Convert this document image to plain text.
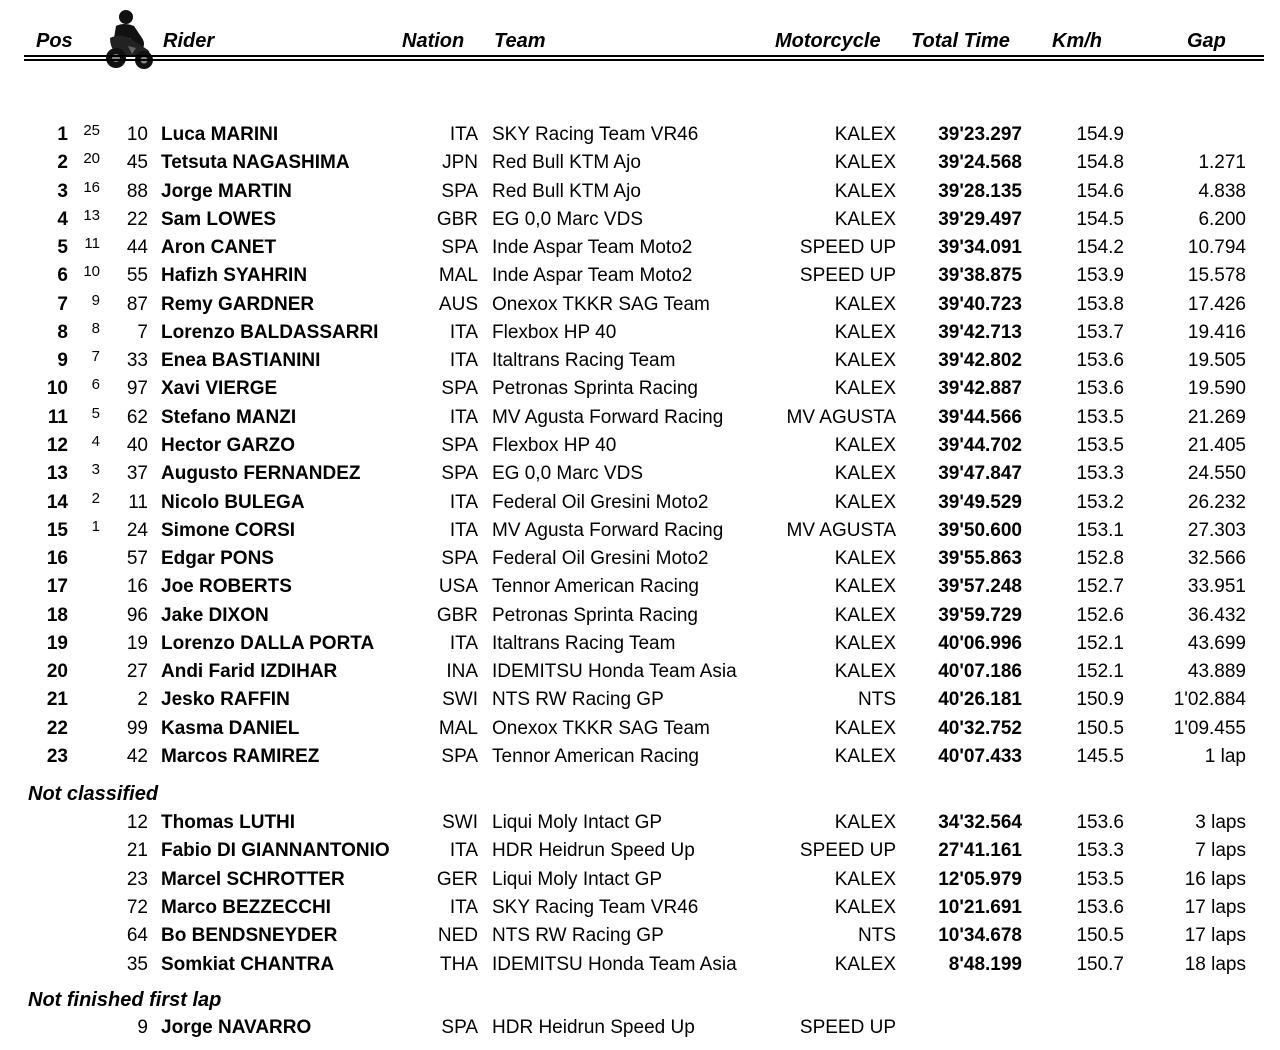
Pos	Rider	Nation Team	Motorcycle Total Time Km/h	Gap
1	25	10 Luca MARINI	ITA SKY Racing Team VR46	KALEX	39'23.297	154.9
2	20	45 Tetsuta NAGASHIMA	JPN Red Bull KTM Ajo	KALEX	39'24.568	154.8	1.271
3	16	88 Jorge MARTIN	SPA Red Bull KTM Ajo	KALEX	39'28.135	154.6	4.838
4	13	22 Sam LOWES	GBR EG 0,0 Marc VDS	KALEX	39'29.497	154.5	6.200
5	11	44 Aron CANET	SPA Inde Aspar Team Moto2	SPEED UP	39'34.091	154.2	10.794
6	10	55 Hafizh SYAHRIN	MAL Inde Aspar Team Moto2	SPEED UP	39'38.875	153.9	15.578
7	9	87 Remy GARDNER	AUS Onexox TKKR SAG Team	KALEX	39'40.723	153.8	17.426
8	8	7 Lorenzo BALDASSARRI	ITA Flexbox HP 40	KALEX	39'42.713	153.7	19.416
9	7	33 Enea BASTIANINI	ITA Italtrans Racing Team	KALEX	39'42.802	153.6	19.505
10	6	97 Xavi VIERGE	SPA Petronas Sprinta Racing	KALEX	39'42.887	153.6	19.590
11	5	62 Stefano MANZI	ITA MV Agusta Forward Racing	MV AGUSTA	39'44.566	153.5	21.269
12	4	40 Hector GARZO	SPA Flexbox HP 40	KALEX	39'44.702	153.5	21.405
13	3	37 Augusto FERNANDEZ	SPA EG 0,0 Marc VDS	KALEX	39'47.847	153.3	24.550
14	2	11 Nicolo BULEGA	ITA Federal Oil Gresini Moto2	KALEX	39'49.529	153.2	26.232
15	1	24 Simone CORSI	ITA MV Agusta Forward Racing	MV AGUSTA	39'50.600	153.1	27.303
16	57 Edgar PONS	SPA Federal Oil Gresini Moto2	KALEX	39'55.863	152.8	32.566
17	16 Joe ROBERTS	USA Tennor American Racing	KALEX	39'57.248	152.7	33.951
18	96 Jake DIXON	GBR Petronas Sprinta Racing	KALEX	39'59.729	152.6	36.432
19	19 Lorenzo DALLA PORTA	ITA Italtrans Racing Team	KALEX	40'06.996	152.1	43.699
20	27 Andi Farid IZDIHAR	INA IDEMITSU Honda Team Asia	KALEX	40'07.186	152.1	43.889
21	2 Jesko RAFFIN	SWI NTS RW Racing GP	NTS	40'26.181	150.9	1'02.884
22	99 Kasma DANIEL	MAL Onexox TKKR SAG Team	KALEX	40'32.752	150.5	1'09.455
23	42 Marcos RAMIREZ	SPA Tennor American Racing	KALEX	40'07.433	145.5	1 lap
Not classified
12 Thomas LUTHI	SWI Liqui Moly Intact GP	KALEX	34'32.564	153.6	3 laps
21 Fabio DI GIANNANTONIO	ITA HDR Heidrun Speed Up	SPEED UP	27'41.161	153.3	7 laps
23 Marcel SCHROTTER	GER Liqui Moly Intact GP	KALEX	12'05.979	153.5	16 laps
72 Marco BEZZECCHI	ITA SKY Racing Team VR46	KALEX	10'21.691	153.6	17 laps
64 Bo BENDSNEYDER	NED NTS RW Racing GP	NTS	10'34.678	150.5	17 laps
35 Somkiat CHANTRA	THA IDEMITSU Honda Team Asia	KALEX	8'48.199	150.7	18 laps
Not finished first lap
9 Jorge NAVARRO	SPA HDR Heidrun Speed Up	SPEED UP
